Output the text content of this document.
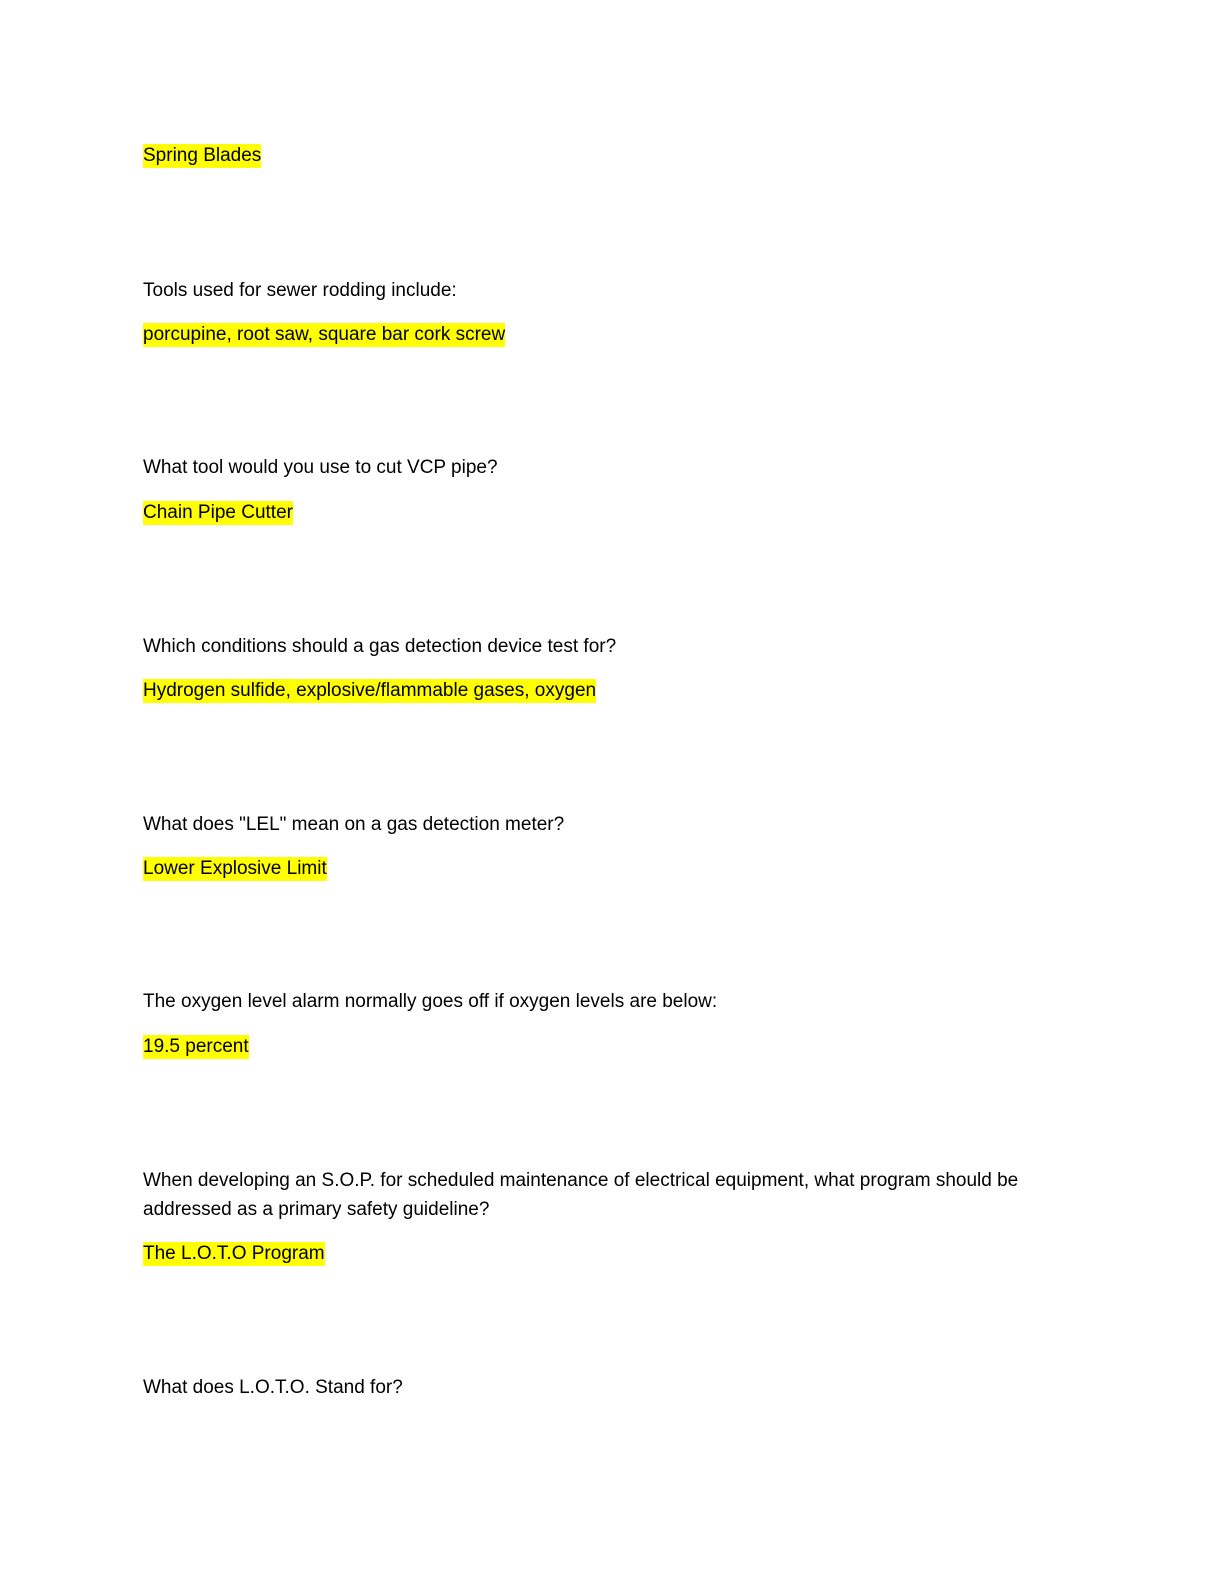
Spring Blades

Tools used for sewer rodding include:

porcupine, root saw, square bar cork screw

What tool would you use to cut VCP pipe?

Chain Pipe Cutter

Which conditions should a gas detection device test for?

Hydrogen sulfide, explosive/flammable gases, oxygen

What does "LEL" mean on a gas detection meter?

Lower Explosive Limit

The oxygen level alarm normally goes off if oxygen levels are below:

19.5 percent

When developing an S.O.P. for scheduled maintenance of electrical equipment, what program should be addressed as a primary safety guideline?

The L.O.T.O Program

What does L.O.T.O. Stand for?
